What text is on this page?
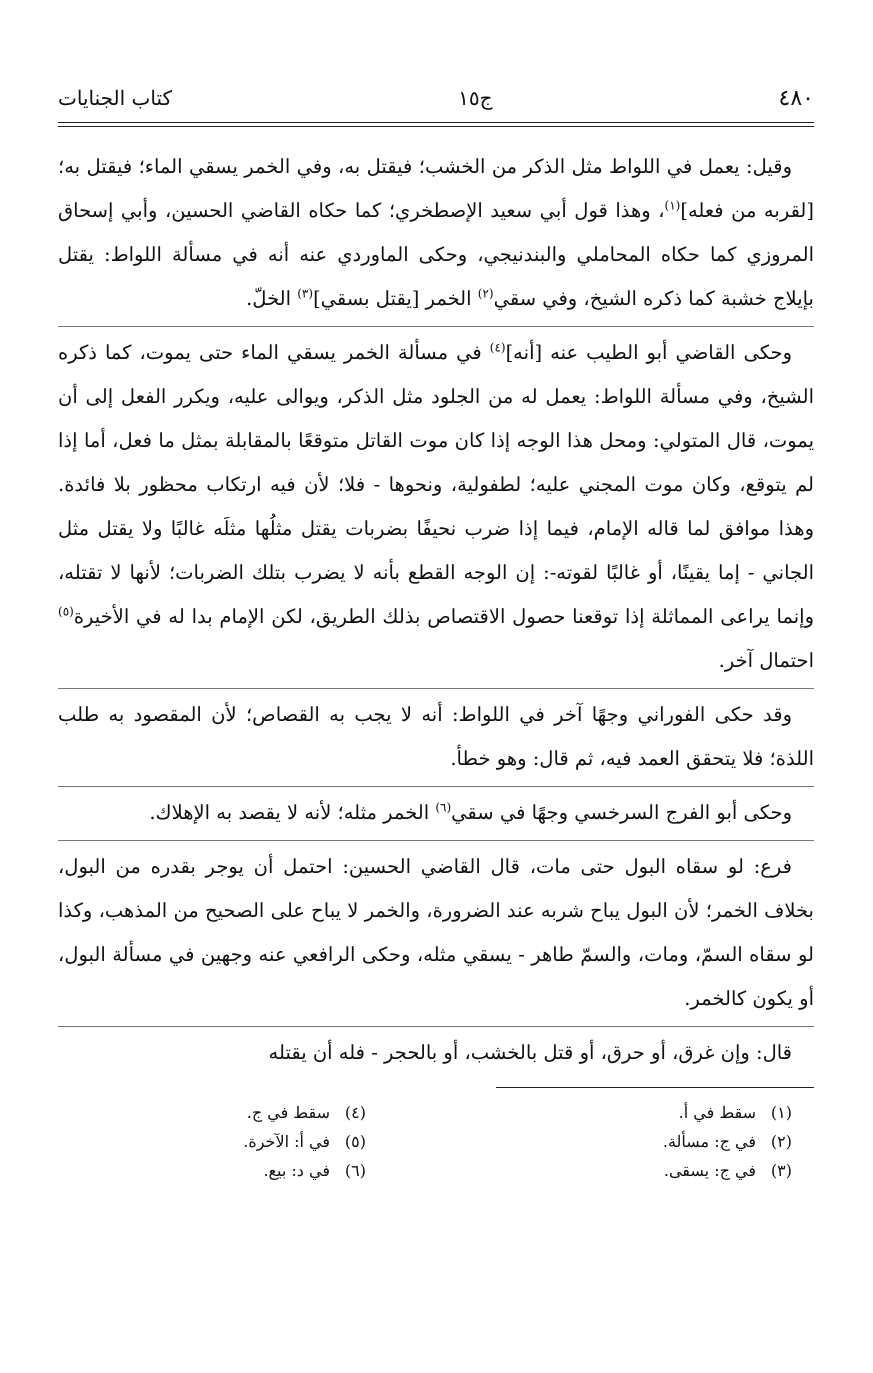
٤٨٠
ج١٥
كتاب الجنايات

وقيل: يعمل في اللواط مثل الذكر من الخشب؛ فيقتل به، وفي الخمر يسقي الماء؛ فيقتل به؛ [لقربه من فعله]$^{(١)}$، وهذا قول أبي سعيد الإصطخري؛ كما حكاه القاضي الحسين، وأبي إسحاق المروزي كما حكاه المحاملي والبندنيجي، وحكى الماوردي عنه أنه في مسألة اللواط: يقتل بإيلاج خشبة كما ذكره الشيخ، وفي سقي$^{(٢)}$ الخمر [يقتل بسقي]$^{(٣)}$ الخلّ.

وحكى القاضي أبو الطيب عنه [أنه]$^{(٤)}$ في مسألة الخمر يسقي الماء حتى يموت، كما ذكره الشيخ، وفي مسألة اللواط: يعمل له من الجلود مثل الذكر، ويوالى عليه، ويكرر الفعل إلى أن يموت، قال المتولي: ومحل هذا الوجه إذا كان موت القاتل متوقعًا بالمقابلة بمثل ما فعل، أما إذا لم يتوقع، وكان موت المجني عليه؛ لطفولية، ونحوها - فلا؛ لأن فيه ارتكاب محظور بلا فائدة. وهذا موافق لما قاله الإمام، فيما إذا ضرب نحيفًا بضربات يقتل مثلُها مثلَه غالبًا ولا يقتل مثل الجاني - إما يقينًا، أو غالبًا لقوته-: إن الوجه القطع بأنه لا يضرب بتلك الضربات؛ لأنها لا تقتله، وإنما يراعى المماثلة إذا توقعنا حصول الاقتصاص بذلك الطريق، لكن الإمام بدا له في الأخيرة$^{(٥)}$ احتمال آخر.

وقد حكى الفوراني وجهًا آخر في اللواط: أنه لا يجب به القصاص؛ لأن المقصود به طلب اللذة؛ فلا يتحقق العمد فيه، ثم قال: وهو خطأ.

وحكى أبو الفرج السرخسي وجهًا في سقي$^{(٦)}$ الخمر مثله؛ لأنه لا يقصد به الإهلاك.

فرع: لو سقاه البول حتى مات، قال القاضي الحسين: احتمل أن يوجر بقدره من البول، بخلاف الخمر؛ لأن البول يباح شربه عند الضرورة، والخمر لا يباح على الصحيح من المذهب، وكذا لو سقاه السمّ، ومات، والسمّ طاهر - يسقي مثله، وحكى الرافعي عنه وجهين في مسألة البول، أو يكون كالخمر.

قال: وإن غرق، أو حرق، أو قتل بالخشب، أو بالحجر - فله أن يقتله

(١)سقط في أ.
(٤)سقط في ج.
(٢)في ج: مسألة.
(٥)في أ: الآخرة.
(٣)في ج: يسقى.
(٦)في د: بيع.
